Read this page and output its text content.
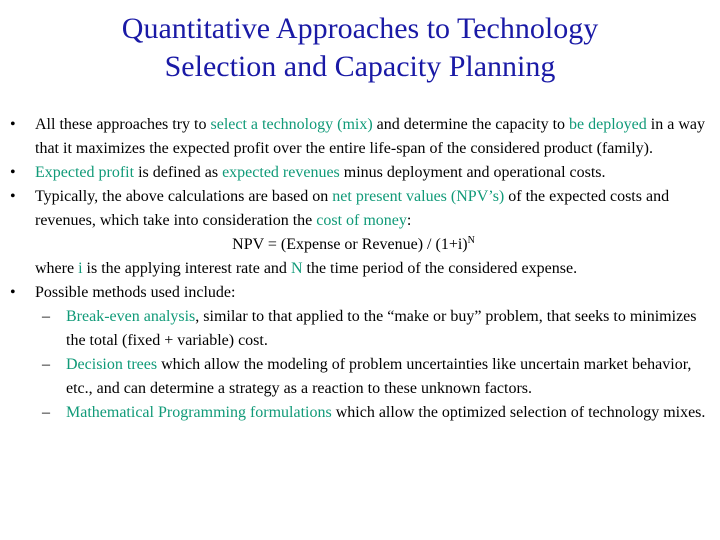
Quantitative Approaches to Technology
Selection and Capacity Planning
• All these approaches try to select a technology (mix) and determine the capacity to be deployed in a way that it maximizes the expected profit over the entire life-span of the considered product (family).
• Expected profit is defined as expected revenues minus deployment and operational costs.
• Typically, the above calculations are based on net present values (NPV’s) of the expected costs and revenues, which take into consideration the cost of money:
NPV = (Expense or Revenue) / $(1+i)^N$
where i is the applying interest rate and N the time period of the considered expense.
• Possible methods used include:
– Break-even analysis, similar to that applied to the “make or buy” problem, that seeks to minimizes the total (fixed + variable) cost.
– Decision trees which allow the modeling of problem uncertainties like uncertain market behavior, etc., and can determine a strategy as a reaction to these unknown factors.
– Mathematical Programming formulations which allow the optimized selection of technology mixes.
